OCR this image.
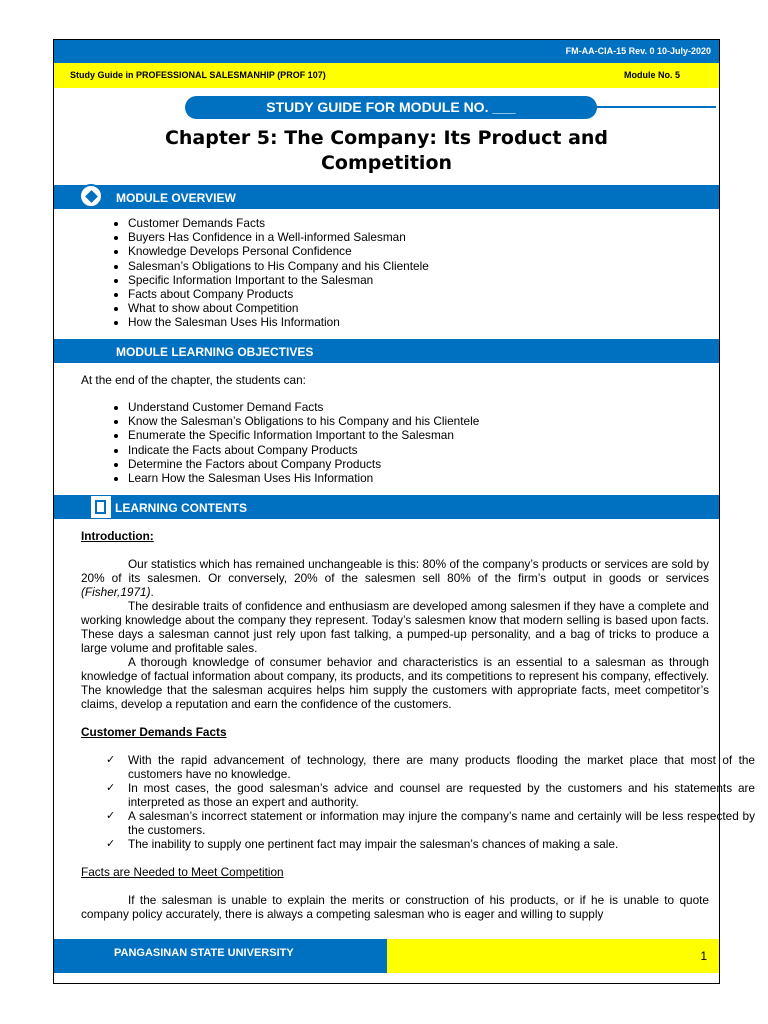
FM-AA-CIA-15 Rev. 0 10-July-2020
Study Guide in PROFESSIONAL SALESMANHIP (PROF 107)	Module No. 5
STUDY GUIDE FOR MODULE NO. ___
Chapter 5: The Company: Its Product and
Competition
MODULE OVERVIEW
• Customer Demands Facts
• Buyers Has Confidence in a Well-informed Salesman
• Knowledge Develops Personal Confidence
• Salesman’s Obligations to His Company and his Clientele
• Specific Information Important to the Salesman
• Facts about Company Products
• What to show about Competition
• How the Salesman Uses His Information
MODULE LEARNING OBJECTIVES
At the end of the chapter, the students can:
• Understand Customer Demand Facts
• Know the Salesman’s Obligations to his Company and his Clientele
• Enumerate the Specific Information Important to the Salesman
• Indicate the Facts about Company Products
• Determine the Factors about Company Products
• Learn How the Salesman Uses His Information
LEARNING CONTENTS
Introduction:

Our statistics which has remained unchangeable is this: 80% of the company’s products or services are sold by 20% of its salesmen. Or conversely, 20% of the salesmen sell 80% of the firm’s output in goods or services (Fisher,1971).

The desirable traits of confidence and enthusiasm are developed among salesmen if they have a complete and working knowledge about the company they represent. Today’s salesmen know that modern selling is based upon facts. These days a salesman cannot just rely upon fast talking, a pumped-up personality, and a bag of tricks to produce a large volume and profitable sales.

A thorough knowledge of consumer behavior and characteristics is an essential to a salesman as through knowledge of factual information about company, its products, and its competitions to represent his company, effectively. The knowledge that the salesman acquires helps him supply the customers with appropriate facts, meet competitor’s claims, develop a reputation and earn the confidence of the customers.

Customer Demands Facts
✓ With the rapid advancement of technology, there are many products flooding the market place that most of the customers have no knowledge.
✓ In most cases, the good salesman’s advice and counsel are requested by the customers and his statements are interpreted as those an expert and authority.
✓ A salesman’s incorrect statement or information may injure the company’s name and certainly will be less respected by the customers.
✓ The inability to supply one pertinent fact may impair the salesman’s chances of making a sale.
Facts are Needed to Meet Competition

If the salesman is unable to explain the merits or construction of his products, or if he is unable to quote company policy accurately, there is always a competing salesman who is eager and willing to supply

PANGASINAN STATE UNIVERSITY	1
